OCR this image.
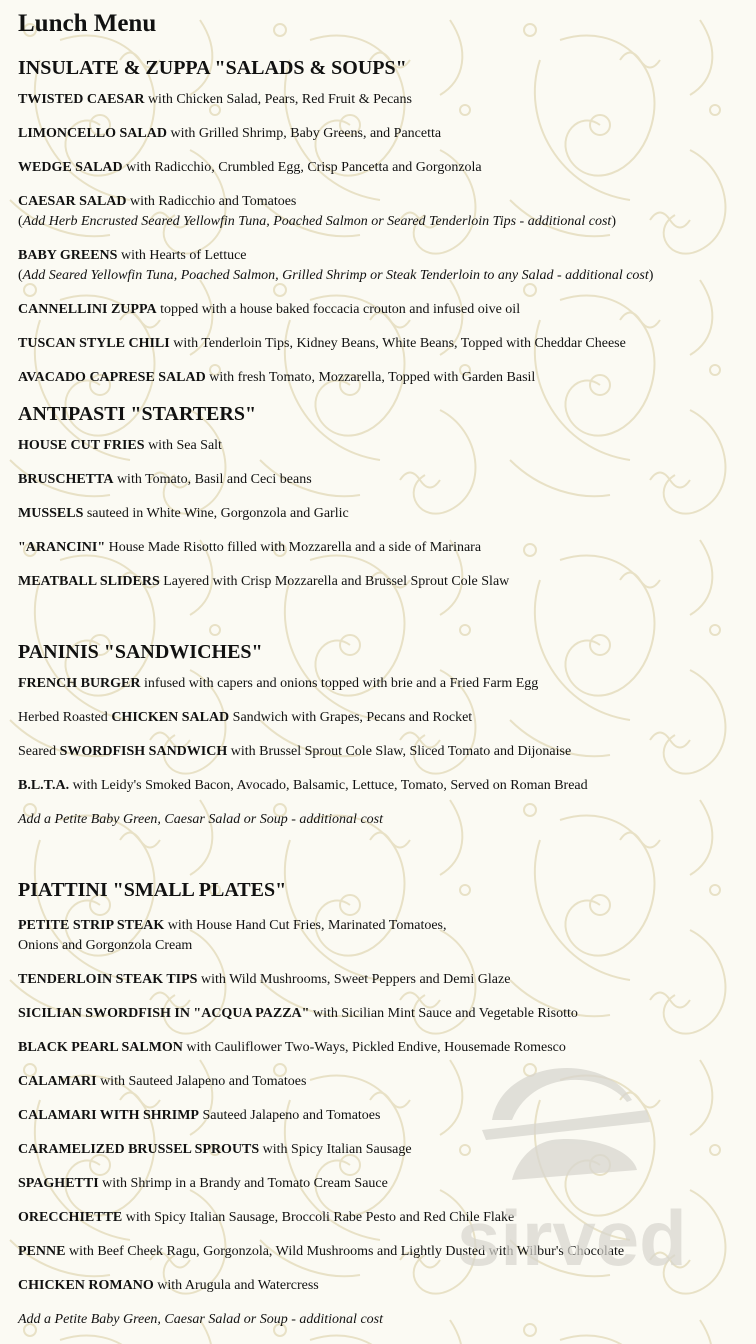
Lunch Menu
INSULATE & ZUPPA "SALADS & SOUPS"
TWISTED CAESAR with Chicken Salad, Pears, Red Fruit & Pecans
LIMONCELLO SALAD with Grilled Shrimp, Baby Greens, and Pancetta
WEDGE SALAD with Radicchio, Crumbled Egg, Crisp Pancetta and Gorgonzola
CAESAR SALAD with Radicchio and Tomatoes
(Add Herb Encrusted Seared Yellowfin Tuna, Poached Salmon or Seared Tenderloin Tips - additional cost)
BABY GREENS with Hearts of Lettuce
(Add Seared Yellowfin Tuna, Poached Salmon, Grilled Shrimp or Steak Tenderloin to any Salad - additional cost)
CANNELLINI ZUPPA topped with a house baked foccacia crouton and infused oive oil
TUSCAN STYLE CHILI with Tenderloin Tips, Kidney Beans, White Beans, Topped with Cheddar Cheese
AVACADO CAPRESE SALAD with fresh Tomato, Mozzarella, Topped with Garden Basil
ANTIPASTI "STARTERS"
HOUSE CUT FRIES with Sea Salt
BRUSCHETTA with Tomato, Basil and Ceci beans
MUSSELS sauteed in White Wine, Gorgonzola and Garlic
"ARANCINI" House Made Risotto filled with Mozzarella and a side of Marinara
MEATBALL SLIDERS Layered with Crisp Mozzarella and Brussel Sprout Cole Slaw
PANINIS "SANDWICHES"
FRENCH BURGER infused with capers and onions topped with brie and a Fried Farm Egg
Herbed Roasted CHICKEN SALAD Sandwich with Grapes, Pecans and Rocket
Seared SWORDFISH SANDWICH with Brussel Sprout Cole Slaw, Sliced Tomato and Dijonaise
B.L.T.A. with Leidy's Smoked Bacon, Avocado, Balsamic, Lettuce, Tomato, Served on Roman Bread
Add a Petite Baby Green, Caesar Salad or Soup - additional cost
PIATTINI "SMALL PLATES"
PETITE STRIP STEAK with House Hand Cut Fries, Marinated Tomatoes,
Onions and Gorgonzola Cream
TENDERLOIN STEAK TIPS with Wild Mushrooms, Sweet Peppers and Demi Glaze
SICILIAN SWORDFISH IN "ACQUA PAZZA" with Sicilian Mint Sauce and Vegetable Risotto
BLACK PEARL SALMON with Cauliflower Two-Ways, Pickled Endive, Housemade Romesco
CALAMARI with Sauteed Jalapeno and Tomatoes
CALAMARI WITH SHRIMP Sauteed Jalapeno and Tomatoes
CARAMELIZED BRUSSEL SPROUTS with Spicy Italian Sausage
SPAGHETTI with Shrimp in a Brandy and Tomato Cream Sauce
ORECCHIETTE with Spicy Italian Sausage, Broccoli Rabe Pesto and Red Chile Flake
PENNE with Beef Cheek Ragu, Gorgonzola, Wild Mushrooms and Lightly Dusted with Wilbur's Chocolate
CHICKEN ROMANO with Arugula and Watercress
Add a Petite Baby Green, Caesar Salad or Soup - additional cost
sirved
